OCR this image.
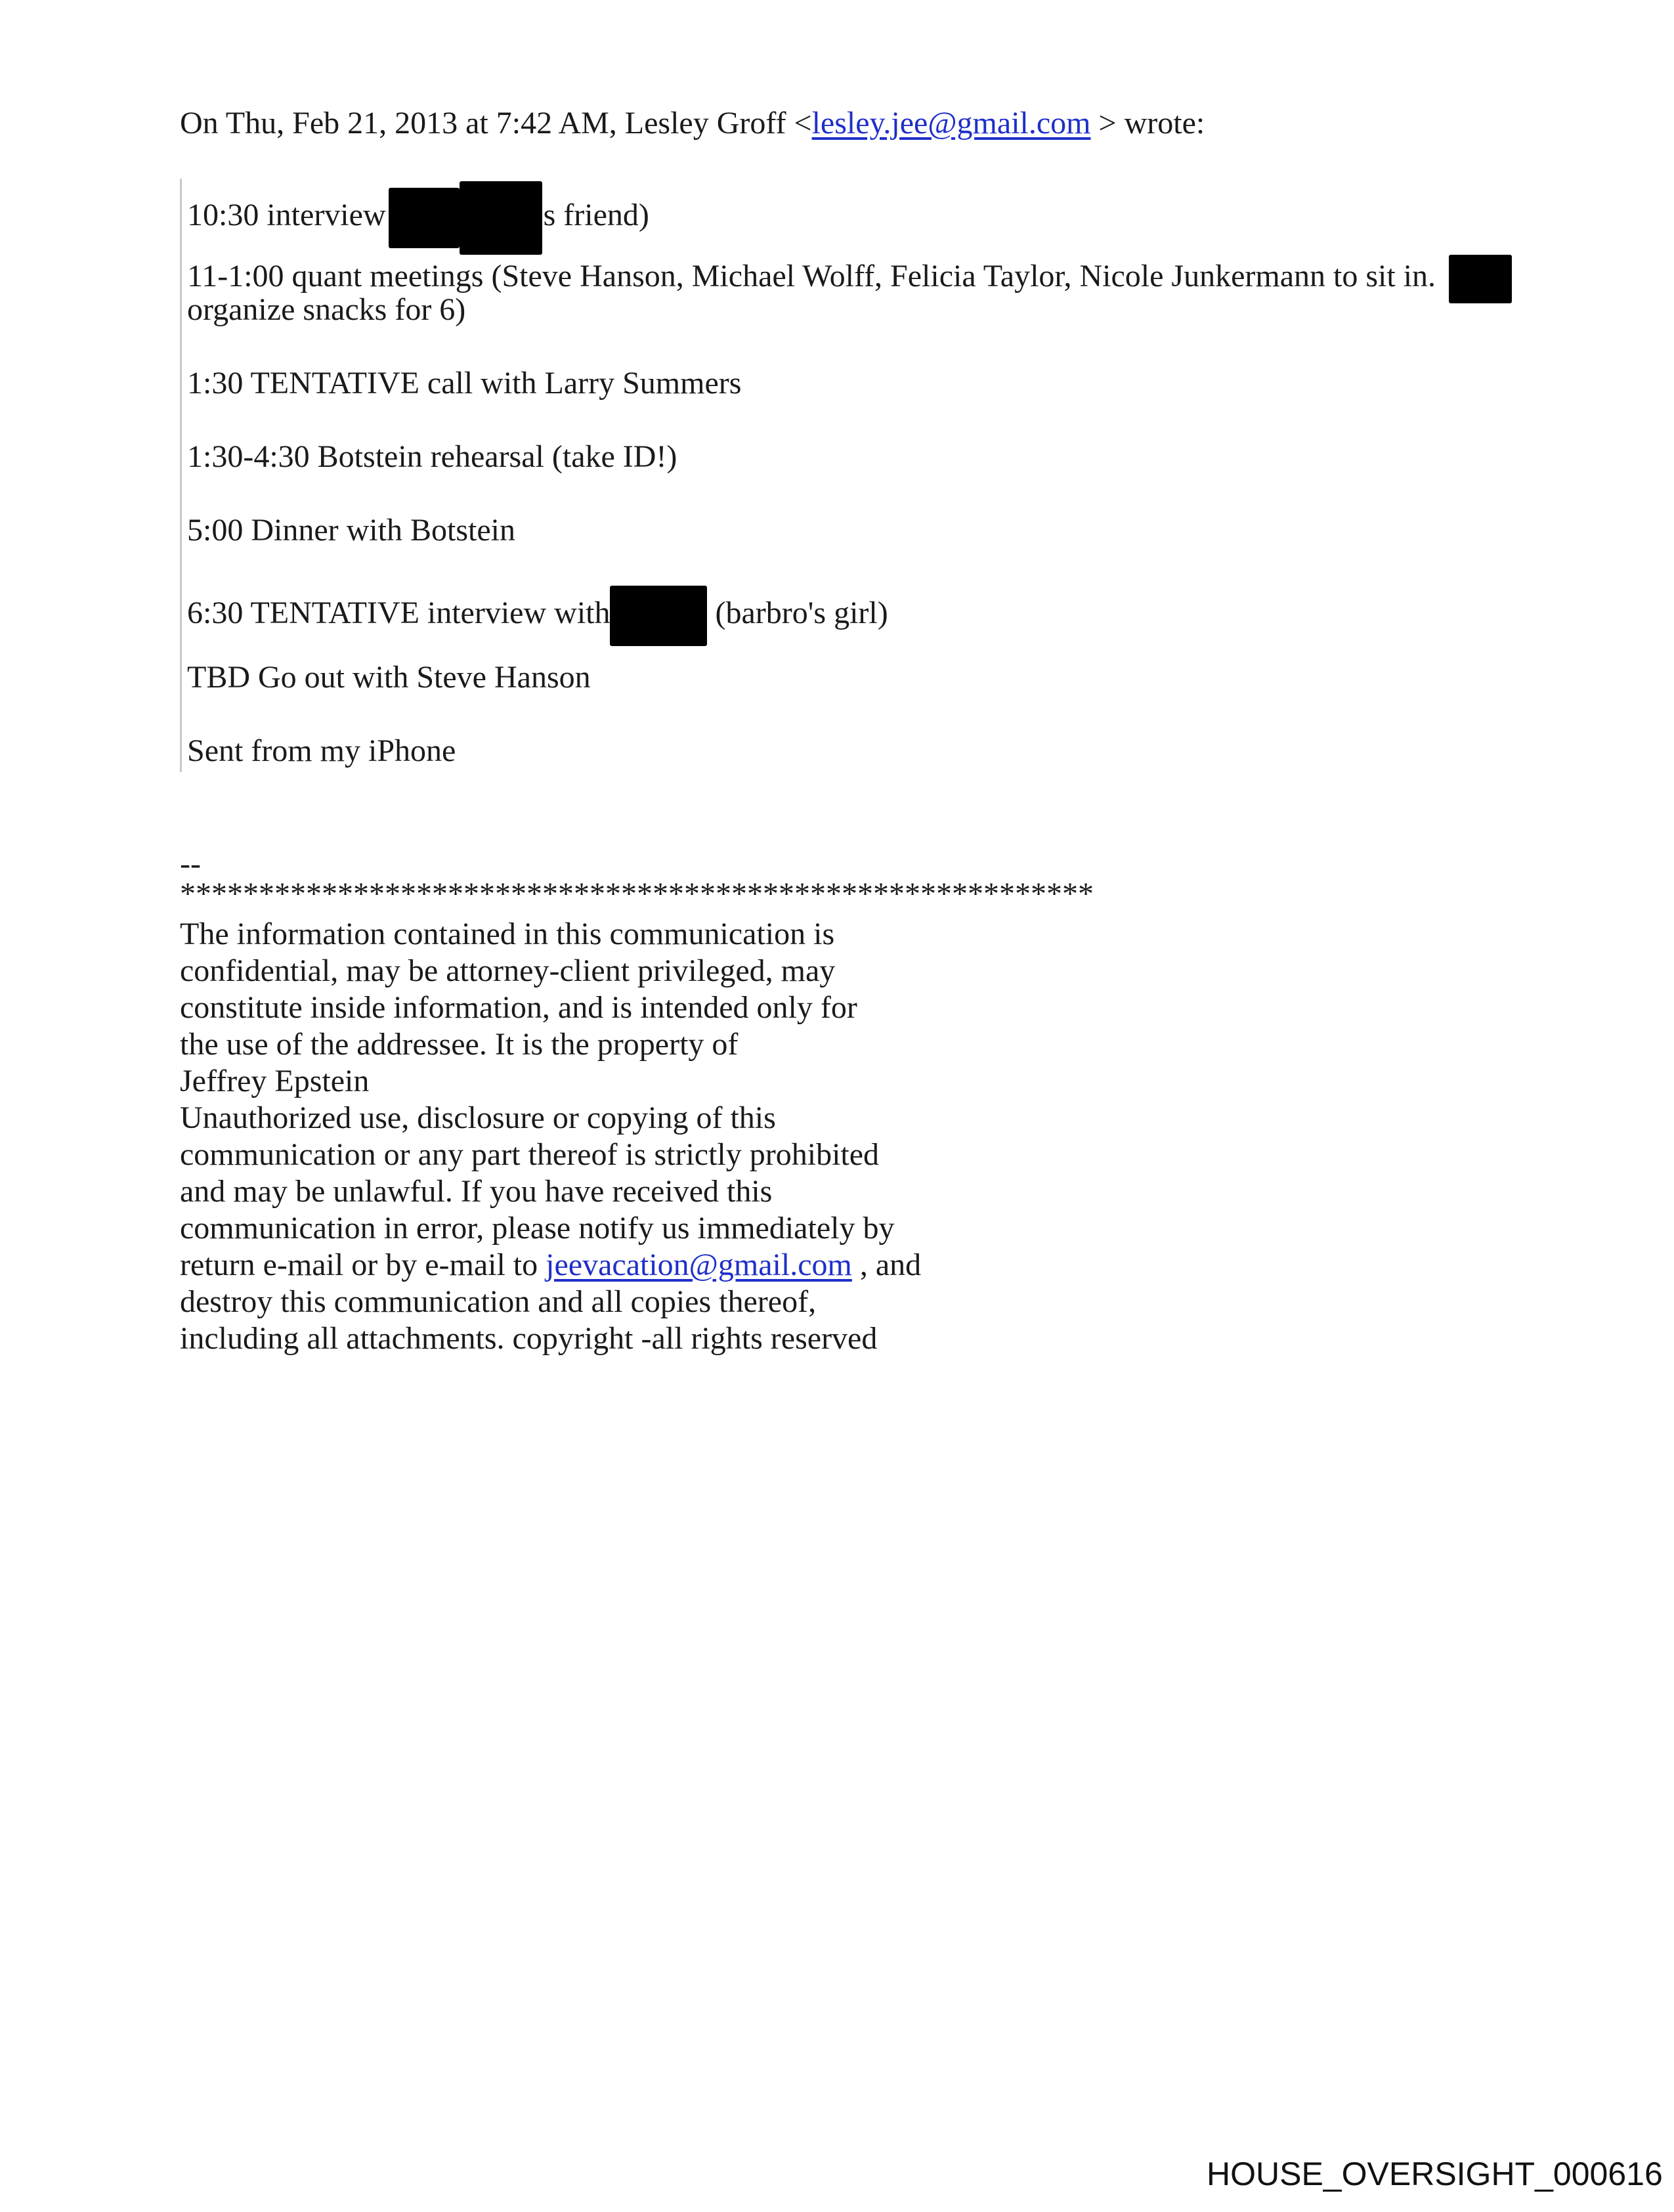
On Thu, Feb 21, 2013 at 7:42 AM, Lesley Groff <lesley.jee@gmail.com > wrote:
10:30 interview	s friend)
11-1:00 quant meetings (Steve Hanson, Michael Wolff, Felicia Taylor, Nicole Junkermann to sit in.
organize snacks for 6)
1:30 TENTATIVE call with Larry Summers
1:30-4:30 Botstein rehearsal (take ID!)
5:00 Dinner with Botstein
6:30 TENTATIVE interview with	(barbro's girl)
TBD Go out with Steve Hanson
Sent from my iPhone
--
**********************************************************
The information contained in this communication is
confidential, may be attorney-client privileged, may
constitute inside information, and is intended only for
the use of the addressee. It is the property of
Jeffrey Epstein
Unauthorized use, disclosure or copying of this
communication or any part thereof is strictly prohibited
and may be unlawful. If you have received this
communication in error, please notify us immediately by
return e-mail or by e-mail to jeevacation@gmail.com , and
destroy this communication and all copies thereof,
including all attachments. copyright -all rights reserved
HOUSE_OVERSIGHT_000616
